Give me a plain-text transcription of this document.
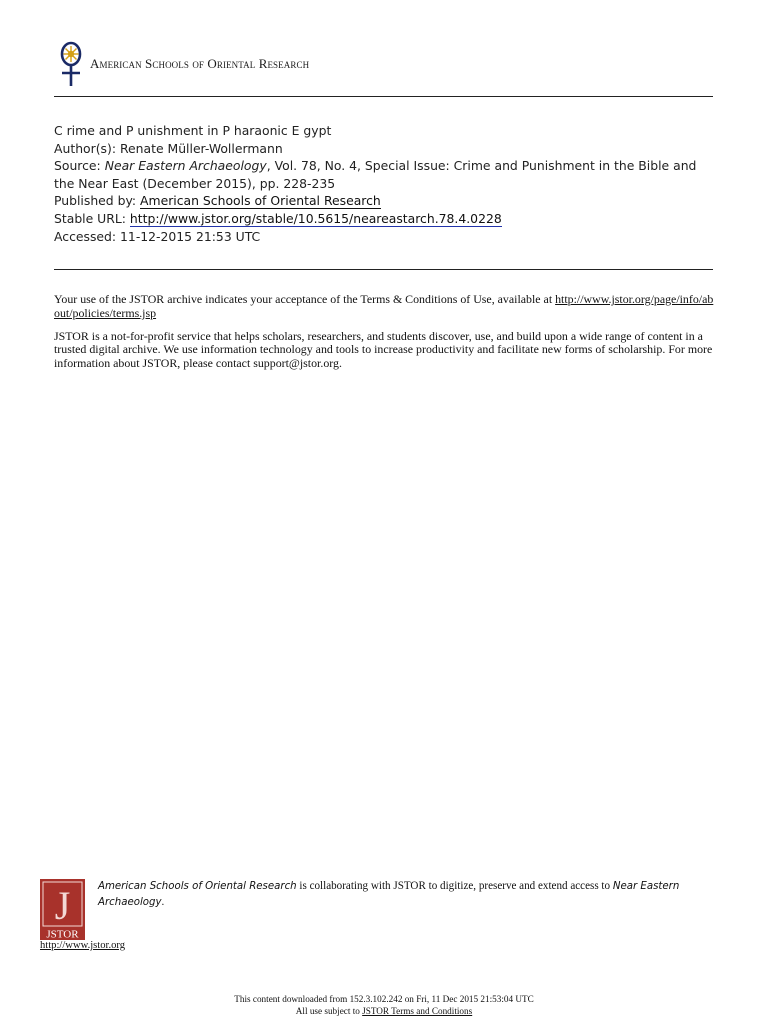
American Schools of Oriental Research
C rime and P unishment in P haraonic E gypt
Author(s): Renate Müller-Wollermann
Source: Near Eastern Archaeology, Vol. 78, No. 4, Special Issue: Crime and Punishment in the Bible and the Near East (December 2015), pp. 228-235
Published by: American Schools of Oriental Research
Stable URL: http://www.jstor.org/stable/10.5615/neareastarch.78.4.0228
Accessed: 11-12-2015 21:53 UTC

Your use of the JSTOR archive indicates your acceptance of the Terms & Conditions of Use, available at http://www.jstor.org/page/info/about/policies/terms.jsp

JSTOR is a not-for-profit service that helps scholars, researchers, and students discover, use, and build upon a wide range of content in a trusted digital archive. We use information technology and tools to increase productivity and facilitate new forms of scholarship. For more information about JSTOR, please contact support@jstor.org.

J
JSTOR
American Schools of Oriental Research is collaborating with JSTOR to digitize, preserve and extend access to Near Eastern Archaeology.
http://www.jstor.org
This content downloaded from 152.3.102.242 on Fri, 11 Dec 2015 21:53:04 UTC
All use subject to JSTOR Terms and Conditions
